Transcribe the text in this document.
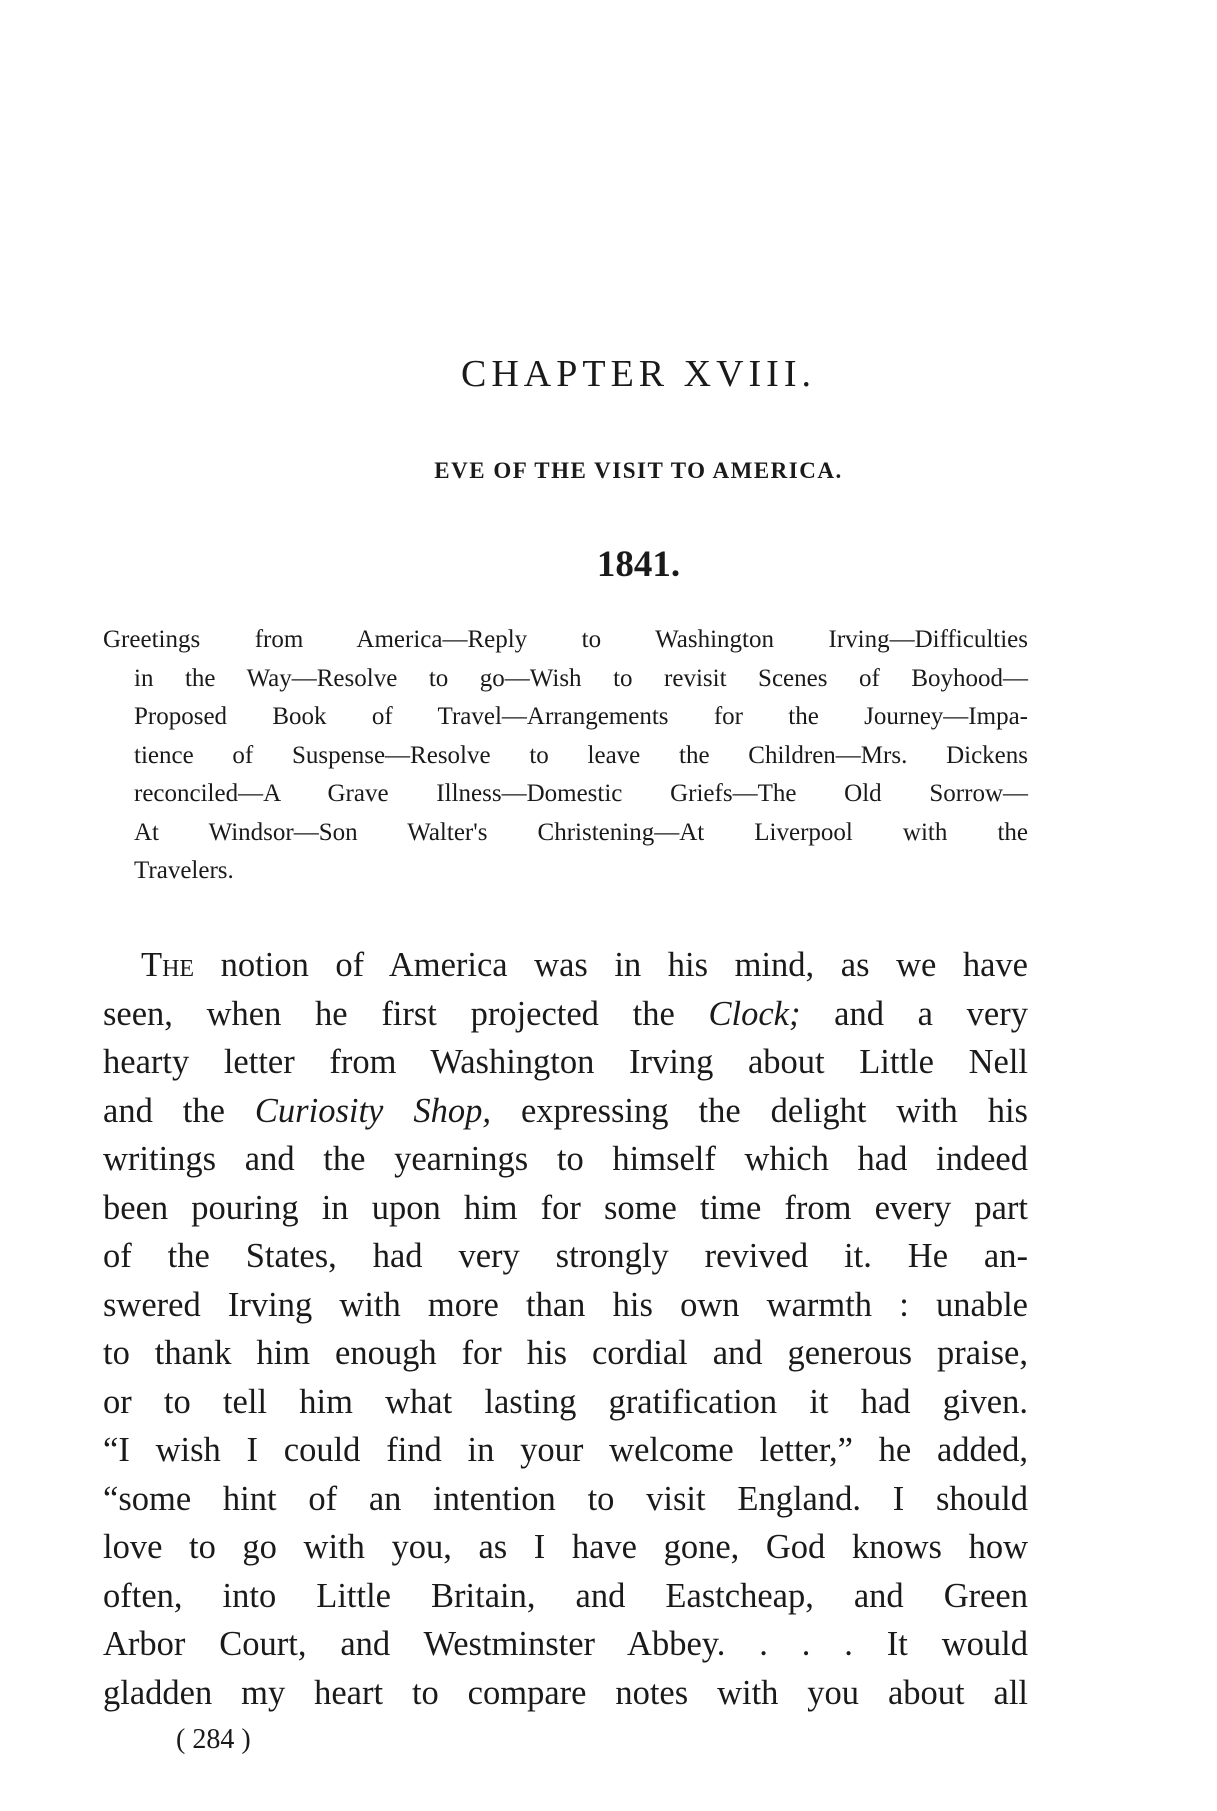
CHAPTER XVIII.
EVE OF THE VISIT TO AMERICA.
1841.
Greetings from America—Reply to Washington Irving—Difficulties
in the Way—Resolve to go—Wish to revisit Scenes of Boyhood—
Proposed Book of Travel—Arrangements for the Journey—Impa-
tience of Suspense—Resolve to leave the Children—Mrs. Dickens
reconciled—A Grave Illness—Domestic Griefs—The Old Sorrow—
At Windsor—Son Walter's Christening—At Liverpool with the
Travelers.
The notion of America was in his mind, as we have
seen, when he first projected the Clock; and a very
hearty letter from Washington Irving about Little Nell
and the Curiosity Shop, expressing the delight with his
writings and the yearnings to himself which had indeed
been pouring in upon him for some time from every part
of the States, had very strongly revived it. He an-
swered Irving with more than his own warmth : unable
to thank him enough for his cordial and generous praise,
or to tell him what lasting gratification it had given.
“I wish I could find in your welcome letter,” he added,
“some hint of an intention to visit England. I should
love to go with you, as I have gone, God knows how
often, into Little Britain, and Eastcheap, and Green
Arbor Court, and Westminster Abbey. . . . It would
gladden my heart to compare notes with you about all
( 284 )
